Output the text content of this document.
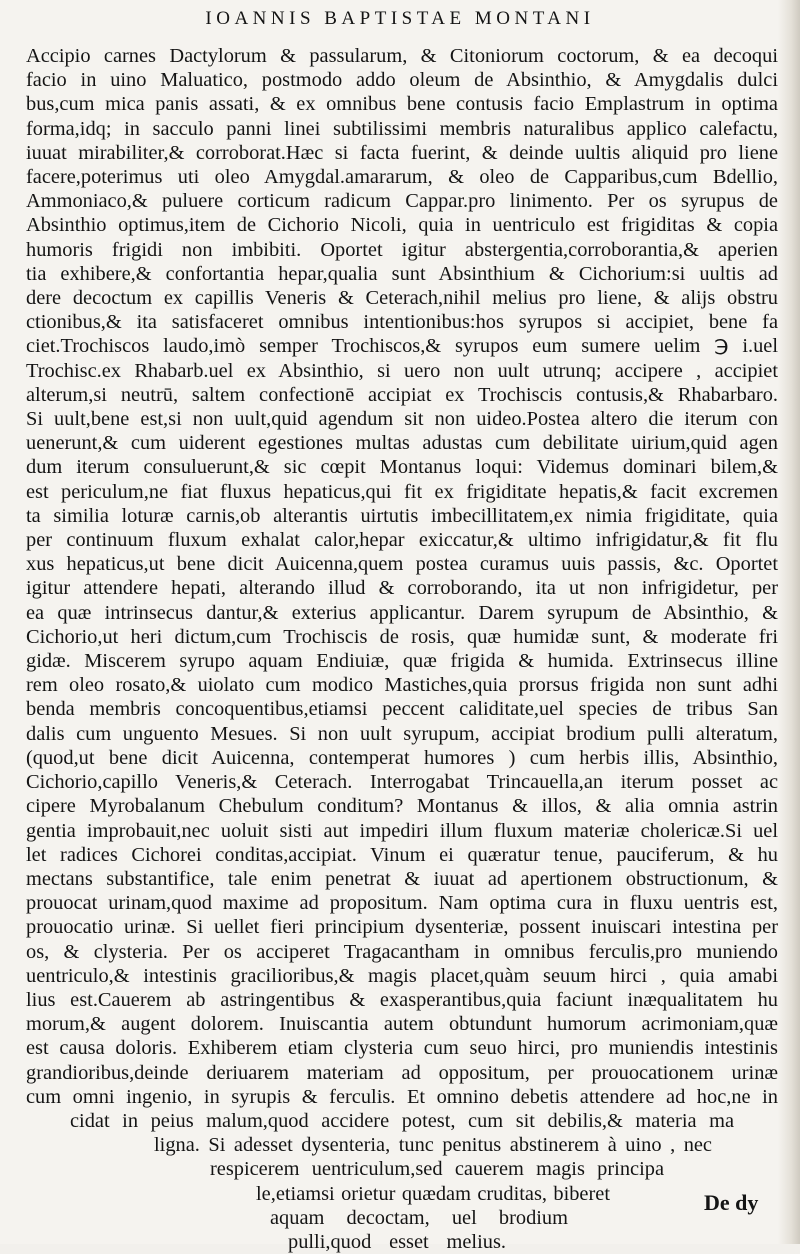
IOANNIS BAPTISTAE MONTANI
Accipio carnes Dactylorum & passularum, & Citoniorum coctorum, & ea decoqui
facio in uino Maluatico, postmodo addo oleum de Absinthio, & Amygdalis dulci
bus,cum mica panis assati, & ex omnibus bene contusis facio Emplastrum in optima
forma,idq; in sacculo panni linei subtilissimi membris naturalibus applico calefactu,
iuuat mirabiliter,& corroborat.Hæc si facta fuerint, & deinde uultis aliquid pro liene
facere,poterimus uti oleo Amygdal.amararum, & oleo de Capparibus,cum Bdellio,
Ammoniaco,& puluere corticum radicum Cappar.pro linimento. Per os syrupus de
Absinthio optimus,item de Cichorio Nicoli, quia in uentriculo est frigiditas & copia
humoris frigidi non imbibiti. Oportet igitur abstergentia,corroborantia,& aperien
tia exhibere,& confortantia hepar,qualia sunt Absinthium & Cichorium:si uultis ad
dere decoctum ex capillis Veneris & Ceterach,nihil melius pro liene, & alijs obstru
ctionibus,& ita satisfaceret omnibus intentionibus:hos syrupos si accipiet, bene fa
ciet.Trochiscos laudo,imò semper Trochiscos,& syrupos eum sumere uelim ℈ i.uel
Trochisc.ex Rhabarb.uel ex Absinthio, si uero non uult utrunq; accipere , accipiet
alterum,si neutrū, saltem confectionē accipiat ex Trochiscis contusis,& Rhabarbaro.
Si uult,bene est,si non uult,quid agendum sit non uideo.Postea altero die iterum con
uenerunt,& cum uiderent egestiones multas adustas cum debilitate uirium,quid agen
dum iterum consuluerunt,& sic cœpit Montanus loqui: Videmus dominari bilem,&
est periculum,ne fiat fluxus hepaticus,qui fit ex frigiditate hepatis,& facit excremen
ta similia loturæ carnis,ob alterantis uirtutis imbecillitatem,ex nimia frigiditate, quia
per continuum fluxum exhalat calor,hepar exiccatur,& ultimo infrigidatur,& fit flu
xus hepaticus,ut bene dicit Auicenna,quem postea curamus uuis passis, &c. Oportet
igitur attendere hepati, alterando illud & corroborando, ita ut non infrigidetur, per
ea quæ intrinsecus dantur,& exterius applicantur. Darem syrupum de Absinthio, &
Cichorio,ut heri dictum,cum Trochiscis de rosis, quæ humidæ sunt, & moderate fri
gidæ. Miscerem syrupo aquam Endiuiæ, quæ frigida & humida. Extrinsecus illine
rem oleo rosato,& uiolato cum modico Mastiches,quia prorsus frigida non sunt adhi
benda membris concoquentibus,etiamsi peccent caliditate,uel species de tribus San
dalis cum unguento Mesues. Si non uult syrupum, accipiat brodium pulli alteratum,
(quod,ut bene dicit Auicenna, contemperat humores ) cum herbis illis, Absinthio,
Cichorio,capillo Veneris,& Ceterach. Interrogabat Trincauella,an iterum posset ac
cipere Myrobalanum Chebulum conditum? Montanus & illos, & alia omnia astrin
gentia improbauit,nec uoluit sisti aut impediri illum fluxum materiæ cholericæ.Si uel
let radices Cichorei conditas,accipiat. Vinum ei quæratur tenue, pauciferum, & hu
mectans substantifice, tale enim penetrat & iuuat ad apertionem obstructionum, &
prouocat urinam,quod maxime ad propositum. Nam optima cura in fluxu uentris est,
prouocatio urinæ. Si uellet fieri principium dysenteriæ, possent inuiscari intestina per
os, & clysteria. Per os acciperet Tragacantham in omnibus ferculis,pro muniendo
uentriculo,& intestinis gracilioribus,& magis placet,quàm seuum hirci , quia amabi
lius est.Cauerem ab astringentibus & exasperantibus,quia faciunt inæqualitatem hu
morum,& augent dolorem. Inuiscantia autem obtundunt humorum acrimoniam,quæ
est causa doloris. Exhiberem etiam clysteria cum seuo hirci, pro muniendis intestinis
grandioribus,deinde deriuarem materiam ad oppositum, per prouocationem urinæ
cum omni ingenio, in syrupis & ferculis. Et omnino debetis attendere ad hoc,ne in
cidat in peius malum,quod accidere potest, cum sit debilis,& materia ma
ligna. Si adesset dysenteria, tunc penitus abstinerem à uino , nec
respicerem uentriculum,sed cauerem magis principa
le,etiamsi orietur quædam cruditas, biberet
aquam decoctam, uel brodium
pulli,quod esset melius.
De dy
